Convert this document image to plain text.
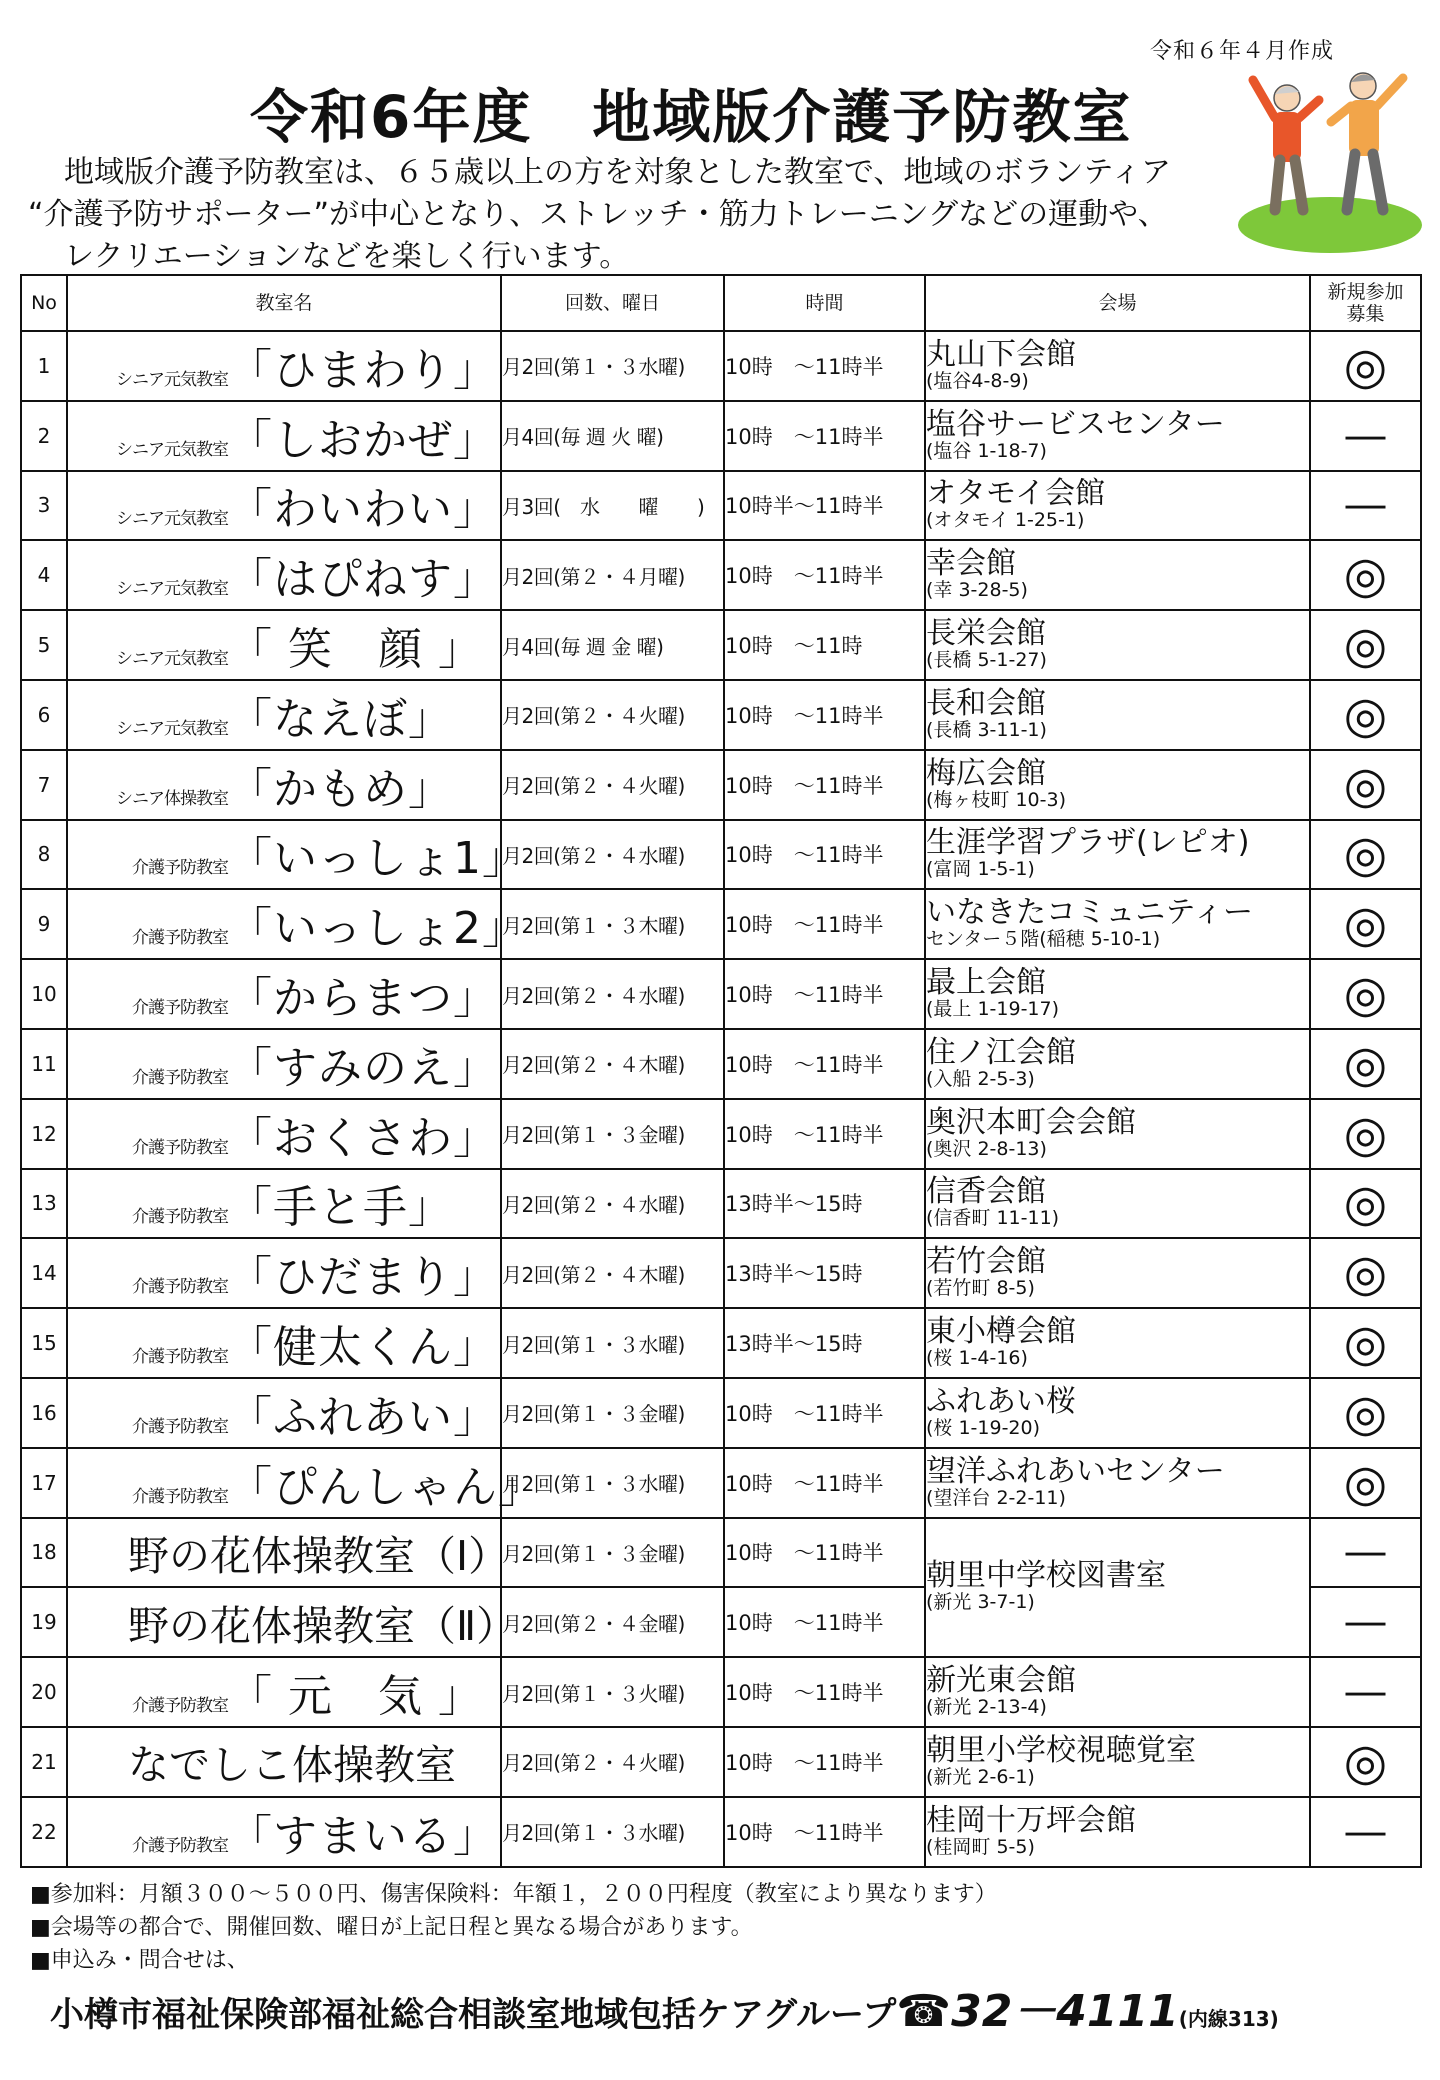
令和６年４月作成
令和6年度　地域版介護予防教室

地域版介護予防教室は、６５歳以上の方を対象とした教室で、地域のボランティア

“介護予防サポーター”が中心となり、ストレッチ・筋力トレーニングなどの運動や、

レクリエーションなどを楽しく行います。

No	教室名	回数、曜日	時間	会場	新規参加
募集
1	シニア元気教室「ひまわり」	月2回(第１・３水曜)	10時　～11時半	丸山下会館
(塩谷4-8-9)	◎
2	シニア元気教室「しおかぜ」	月4回(毎 週 火 曜)	10時　～11時半	塩谷サービスセンター
(塩谷 1-18-7)	―
3	シニア元気教室「わいわい」	月3回(　水　　曜　　)	10時半～11時半	オタモイ会館
(オタモイ 1-25-1)	―
4	シニア元気教室「はぴねす」	月2回(第２・４月曜)	10時　～11時半	幸会館
(幸 3-28-5)	◎
5	シニア元気教室「 笑　顔 」	月4回(毎 週 金 曜)	10時　～11時	長栄会館
(長橋 5-1-27)	◎
6	シニア元気教室「なえぼ」	月2回(第２・４火曜)	10時　～11時半	長和会館
(長橋 3-11-1)	◎
7	シニア体操教室「かもめ」	月2回(第２・４火曜)	10時　～11時半	梅広会館
(梅ヶ枝町 10-3)	◎
8	介護予防教室「いっしょ1」	月2回(第２・４水曜)	10時　～11時半	生涯学習プラザ(レピオ)
(富岡 1-5-1)	◎
9	介護予防教室「いっしょ2」	月2回(第１・３木曜)	10時　～11時半	いなきたコミュニティー
センター５階(稲穂 5-10-1)	◎
10	介護予防教室「からまつ」	月2回(第２・４水曜)	10時　～11時半	最上会館
(最上 1-19-17)	◎
11	介護予防教室「すみのえ」	月2回(第２・４木曜)	10時　～11時半	住ノ江会館
(入船 2-5-3)	◎
12	介護予防教室「おくさわ」	月2回(第１・３金曜)	10時　～11時半	奥沢本町会会館
(奥沢 2-8-13)	◎
13	介護予防教室「手と手」	月2回(第２・４水曜)	13時半～15時	信香会館
(信香町 11-11)	◎
14	介護予防教室「ひだまり」	月2回(第２・４木曜)	13時半～15時	若竹会館
(若竹町 8-5)	◎
15	介護予防教室「健太くん」	月2回(第１・３水曜)	13時半～15時	東小樽会館
(桜 1-4-16)	◎
16	介護予防教室「ふれあい」	月2回(第１・３金曜)	10時　～11時半	ふれあい桜
(桜 1-19-20)	◎
17	介護予防教室「ぴんしゃん」	月2回(第１・３水曜)	10時　～11時半	望洋ふれあいセンター
(望洋台 2-2-11)	◎
18	野の花体操教室（Ⅰ）	月2回(第１・３金曜)	10時　～11時半	朝里中学校図書室
(新光 3-7-1)	―
19	野の花体操教室（Ⅱ）	月2回(第２・４金曜)	10時　～11時半		―
20	介護予防教室「 元　気 」	月2回(第１・３火曜)	10時　～11時半	新光東会館
(新光 2-13-4)	―
21	なでしこ体操教室	月2回(第２・４火曜)	10時　～11時半	朝里小学校視聴覚室
(新光 2-6-1)	◎
22	介護予防教室「すまいる」	月2回(第１・３水曜)	10時　～11時半	桂岡十万坪会館
(桂岡町 5-5)	―

■参加料：月額３００～５００円、傷害保険料：年額１，２００円程度（教室により異なります）

■会場等の都合で、開催回数、曜日が上記日程と異なる場合があります。

■申込み・問合せは、

小樽市福祉保険部福祉総合相談室地域包括ケアグループ☎32－4111(内線313)
